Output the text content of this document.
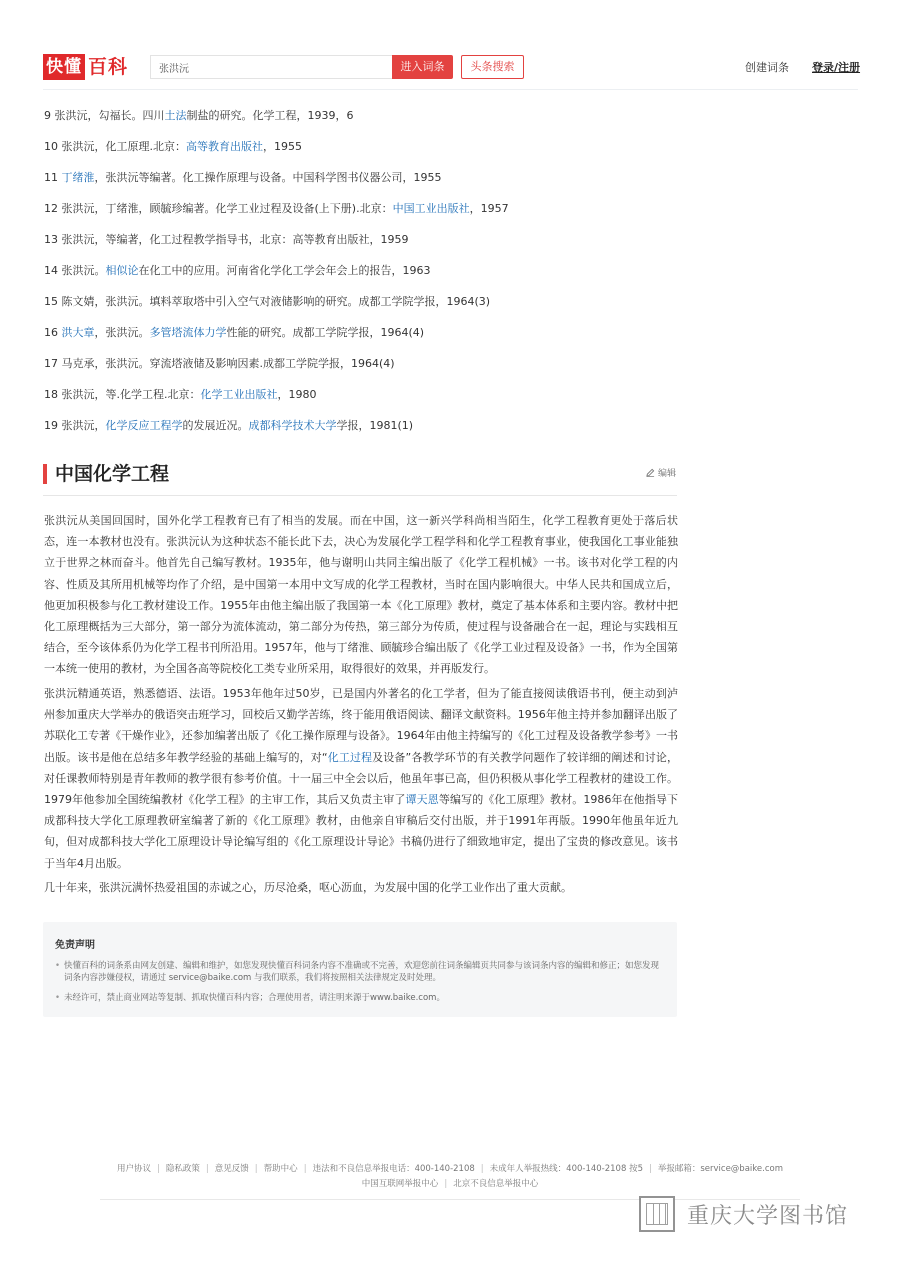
快懂 百科
张洪沅	进入词条	头条搜索	创建词条 登录/注册
9 张洪沅，勾福长。四川土法制盐的研究。化学工程，1939，6
10 张洪沅，化工原理.北京：高等教育出版社，1955
11 丁绪淮，张洪沅等编著。化工操作原理与设备。中国科学图书仪器公司，1955
12 张洪沅，丁绪淮，顾毓珍编著。化学工业过程及设备(上下册).北京：中国工业出版社，1957
13 张洪沅，等编著，化工过程教学指导书，北京：高等教育出版社，1959
14 张洪沅。相似论在化工中的应用。河南省化学化工学会年会上的报告，1963
15 陈文婧，张洪沅。填料萃取塔中引入空气对液储影响的研究。成都工学院学报，1964(3)
16 洪大章，张洪沅。多管塔流体力学性能的研究。成都工学院学报，1964(4)
17 马克承，张洪沅。穿流塔液储及影响因素.成都工学院学报，1964(4)
18 张洪沅，等.化学工程.北京：化学工业出版社，1980
19 张洪沅，化学反应工程学的发展近况。成都科学技术大学学报，1981(1)
中国化学工程	编辑

张洪沅从美国回国时，国外化学工程教育已有了相当的发展。而在中国，这一新兴学科尚相当陌生，化学工程教育更处于落后状态，连一本教材也没有。张洪沅认为这种状态不能长此下去，决心为发展化学工程学科和化学工程教育事业，使我国化工事业能独立于世界之林而奋斗。他首先自己编写教材。1935年，他与谢明山共同主编出版了《化学工程机械》一书。该书对化学工程的内容、性质及其所用机械等均作了介绍，是中国第一本用中文写成的化学工程教材，当时在国内影响很大。中华人民共和国成立后，他更加积极参与化工教材建设工作。1955年由他主编出版了我国第一本《化工原理》教材，奠定了基本体系和主要内容。教材中把化工原理概括为三大部分，第一部分为流体流动，第二部分为传热，第三部分为传质，使过程与设备融合在一起，理论与实践相互结合，至今该体系仍为化学工程书刊所沿用。1957年，他与丁绪淮、顾毓珍合编出版了《化学工业过程及设备》一书，作为全国第一本统一使用的教材，为全国各高等院校化工类专业所采用，取得很好的效果，并再版发行。

张洪沅精通英语，熟悉德语、法语。1953年他年过50岁，已是国内外著名的化工学者，但为了能直接阅读俄语书刊，便主动到泸州参加重庆大学举办的俄语突击班学习，回校后又勤学苦练，终于能用俄语阅读、翻译文献资料。1956年他主持并参加翻译出版了苏联化工专著《干燥作业》，还参加编著出版了《化工操作原理与设备》。1964年由他主持编写的《化工过程及设备教学参考》一书出版。该书是他在总结多年教学经验的基础上编写的，对“化工过程及设备”各教学环节的有关教学问题作了较详细的阐述和讨论，对任课教师特别是青年教师的教学很有参考价值。十一届三中全会以后，他虽年事已高，但仍积极从事化学工程教材的建设工作。1979年他参加全国统编教材《化学工程》的主审工作，其后又负责主审了谭天恩等编写的《化工原理》教材。1986年在他指导下成都科技大学化工原理教研室编著了新的《化工原理》教材，由他亲自审稿后交付出版，并于1991年再版。1990年他虽年近九旬，但对成都科技大学化工原理设计导论编写组的《化工原理设计导论》书稿仍进行了细致地审定，提出了宝贵的修改意见。该书于当年4月出版。

几十年来，张洪沅满怀热爱祖国的赤诚之心，历尽沧桑，呕心沥血，为发展中国的化学工业作出了重大贡献。

免责声明
• 快懂百科的词条系由网友创建、编辑和维护，如您发现快懂百科词条内容不准确或不完善，欢迎您前往词条编辑页共同参与该词条内容的编辑和修正；如您发现词条内容涉嫌侵权，请通过 service@baike.com 与我们联系，我们将按照相关法律规定及时处理。
• 未经许可，禁止商业网站等复制、抓取快懂百科内容；合理使用者，请注明来源于www.baike.com。
用户协议 | 隐私政策 | 意见反馈 | 帮助中心 | 违法和不良信息举报电话：400-140-2108 | 未成年人举报热线：400-140-2108 按5 | 举报邮箱：service@baike.com
中国互联网举报中心 | 北京不良信息举报中心
重庆大学图书馆
